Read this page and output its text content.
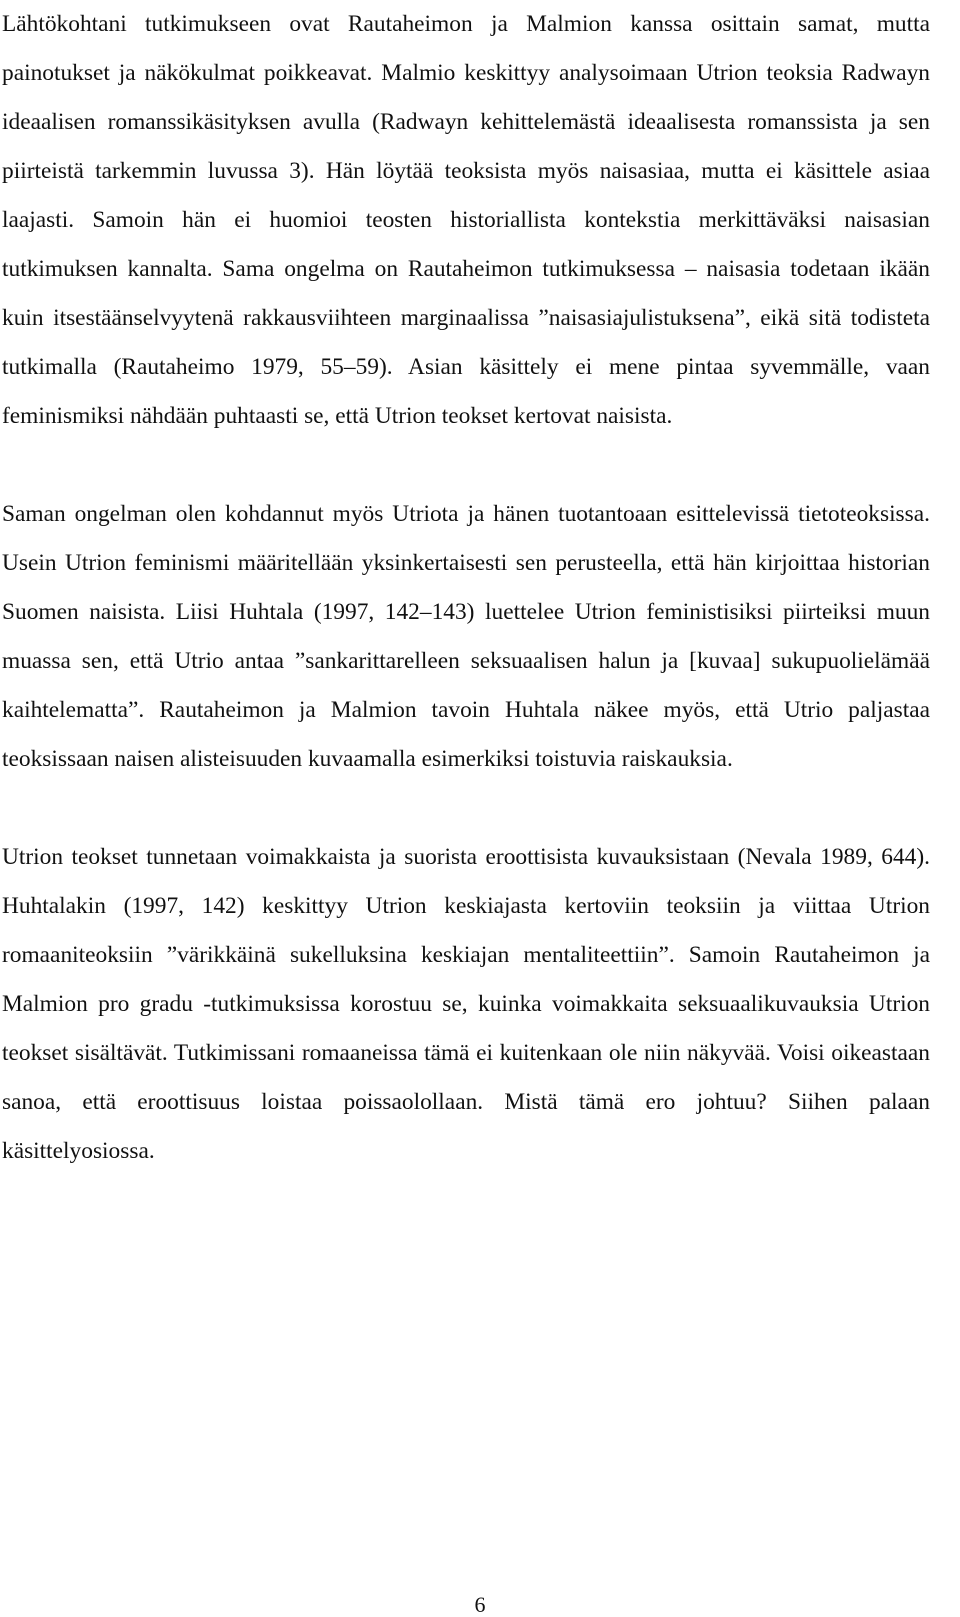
Lähtökohtani tutkimukseen ovat Rautaheimon ja Malmion kanssa osittain samat, mutta painotukset ja näkökulmat poikkeavat. Malmio keskittyy analysoimaan Utrion teoksia Radwayn ideaalisen romanssikäsityksen avulla (Radwayn kehittelemästä ideaalisesta romanssista ja sen piirteistä tarkemmin luvussa 3). Hän löytää teoksista myös naisasiaa, mutta ei käsittele asiaa laajasti. Samoin hän ei huomioi teosten historiallista kontekstia merkittäväksi naisasian tutkimuksen kannalta. Sama ongelma on Rautaheimon tutkimuksessa – naisasia todetaan ikään kuin itsestäänselvyytenä rakkausviihteen marginaalissa ”naisasiajulistuksena”, eikä sitä todisteta tutkimalla (Rautaheimo 1979, 55–59). Asian käsittely ei mene pintaa syvemmälle, vaan feminismiksi nähdään puhtaasti se, että Utrion teokset kertovat naisista.

Saman ongelman olen kohdannut myös Utriota ja hänen tuotantoaan esittelevissä tietoteoksissa. Usein Utrion feminismi määritellään yksinkertaisesti sen perusteella, että hän kirjoittaa historian Suomen naisista. Liisi Huhtala (1997, 142–143) luettelee Utrion feministisiksi piirteiksi muun muassa sen, että Utrio antaa ”sankarittarelleen seksuaalisen halun ja [kuvaa] sukupuolielämää kaihtelematta”. Rautaheimon ja Malmion tavoin Huhtala näkee myös, että Utrio paljastaa teoksissaan naisen alisteisuuden kuvaamalla esimerkiksi toistuvia raiskauksia.

Utrion teokset tunnetaan voimakkaista ja suorista eroottisista kuvauksistaan (Nevala 1989, 644). Huhtalakin (1997, 142) keskittyy Utrion keskiajasta kertoviin teoksiin ja viittaa Utrion romaaniteoksiin ”värikkäinä sukelluksina keskiajan mentaliteettiin”. Samoin Rautaheimon ja Malmion pro gradu -tutkimuksissa korostuu se, kuinka voimakkaita seksuaalikuvauksia Utrion teokset sisältävät. Tutkimissani romaaneissa tämä ei kuitenkaan ole niin näkyvää. Voisi oikeastaan sanoa, että eroottisuus loistaa poissaolollaan. Mistä tämä ero johtuu? Siihen palaan käsittelyosiossa.

6
